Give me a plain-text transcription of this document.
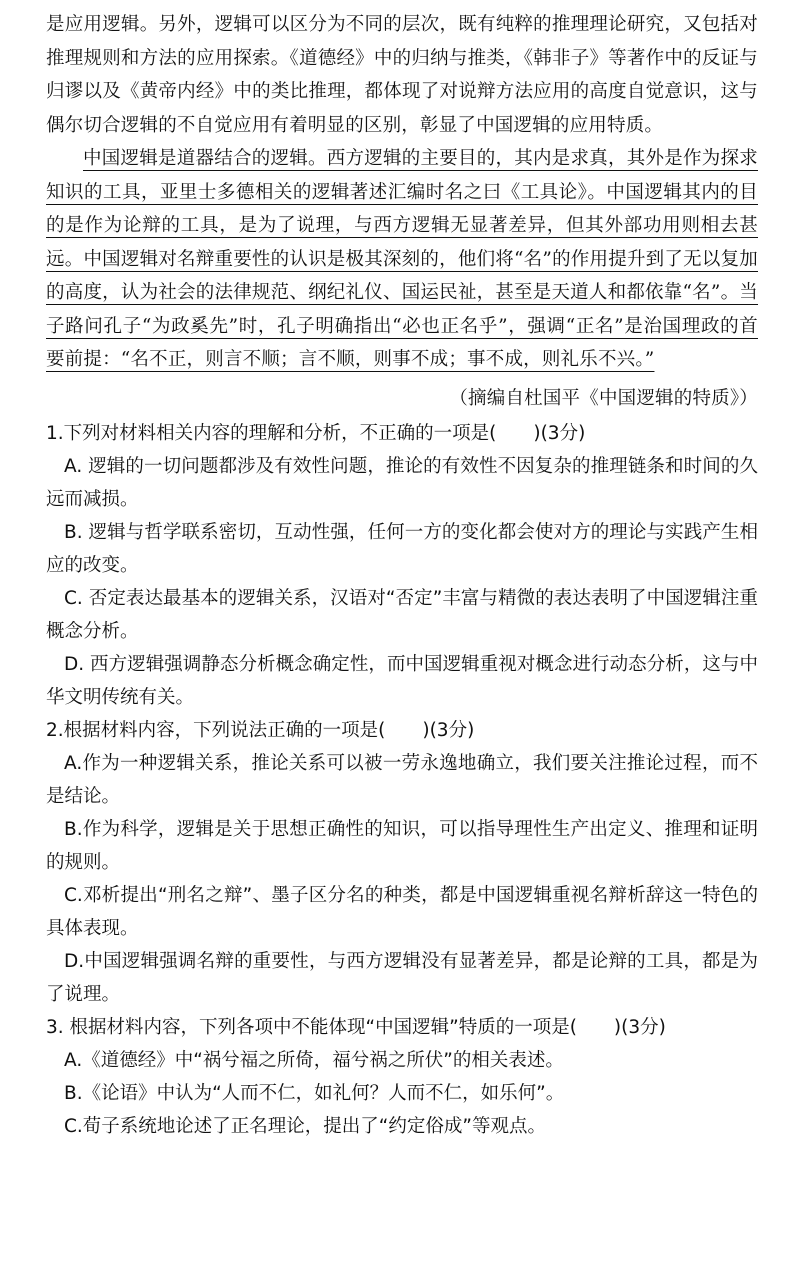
是应用逻辑。另外，逻辑可以区分为不同的层次，既有纯粹的推理理论研究，又包括对推理规则和方法的应用探索。《道德经》中的归纳与推类，《韩非子》等著作中的反证与归谬以及《黄帝内经》中的类比推理，都体现了对说辩方法应用的高度自觉意识，这与偶尔切合逻辑的不自觉应用有着明显的区别，彰显了中国逻辑的应用特质。

中国逻辑是道器结合的逻辑。西方逻辑的主要目的，其内是求真，其外是作为探求知识的工具，亚里士多德相关的逻辑著述汇编时名之曰《工具论》。中国逻辑其内的目的是作为论辩的工具，是为了说理，与西方逻辑无显著差异，但其外部功用则相去甚远。中国逻辑对名辩重要性的认识是极其深刻的，他们将“名”的作用提升到了无以复加的高度，认为社会的法律规范、纲纪礼仪、国运民祉，甚至是天道人和都依靠“名”。当子路问孔子“为政奚先”时，孔子明确指出“必也正名乎”，强调“正名”是治国理政的首要前提：“名不正，则言不顺；言不顺，则事不成；事不成，则礼乐不兴。”

（摘编自杜国平《中国逻辑的特质》）

1.下列对材料相关内容的理解和分析，不正确的一项是(　　)(3分)

A. 逻辑的一切问题都涉及有效性问题，推论的有效性不因复杂的推理链条和时间的久远而减损。

B. 逻辑与哲学联系密切，互动性强，任何一方的变化都会使对方的理论与实践产生相应的改变。

C. 否定表达最基本的逻辑关系，汉语对“否定”丰富与精微的表达表明了中国逻辑注重概念分析。

D. 西方逻辑强调静态分析概念确定性，而中国逻辑重视对概念进行动态分析，这与中华文明传统有关。

2.根据材料内容，下列说法正确的一项是(　　)(3分)

A.作为一种逻辑关系，推论关系可以被一劳永逸地确立，我们要关注推论过程，而不是结论。

B.作为科学，逻辑是关于思想正确性的知识，可以指导理性生产出定义、推理和证明的规则。

C.邓析提出“刑名之辩”、墨子区分名的种类，都是中国逻辑重视名辩析辞这一特色的具体表现。

D.中国逻辑强调名辩的重要性，与西方逻辑没有显著差异，都是论辩的工具，都是为了说理。

3. 根据材料内容，下列各项中不能体现“中国逻辑”特质的一项是(　　)(3分)

A.《道德经》中“祸兮福之所倚，福兮祸之所伏”的相关表述。

B.《论语》中认为“人而不仁，如礼何？人而不仁，如乐何”。

C.荀子系统地论述了正名理论，提出了“约定俗成”等观点。
